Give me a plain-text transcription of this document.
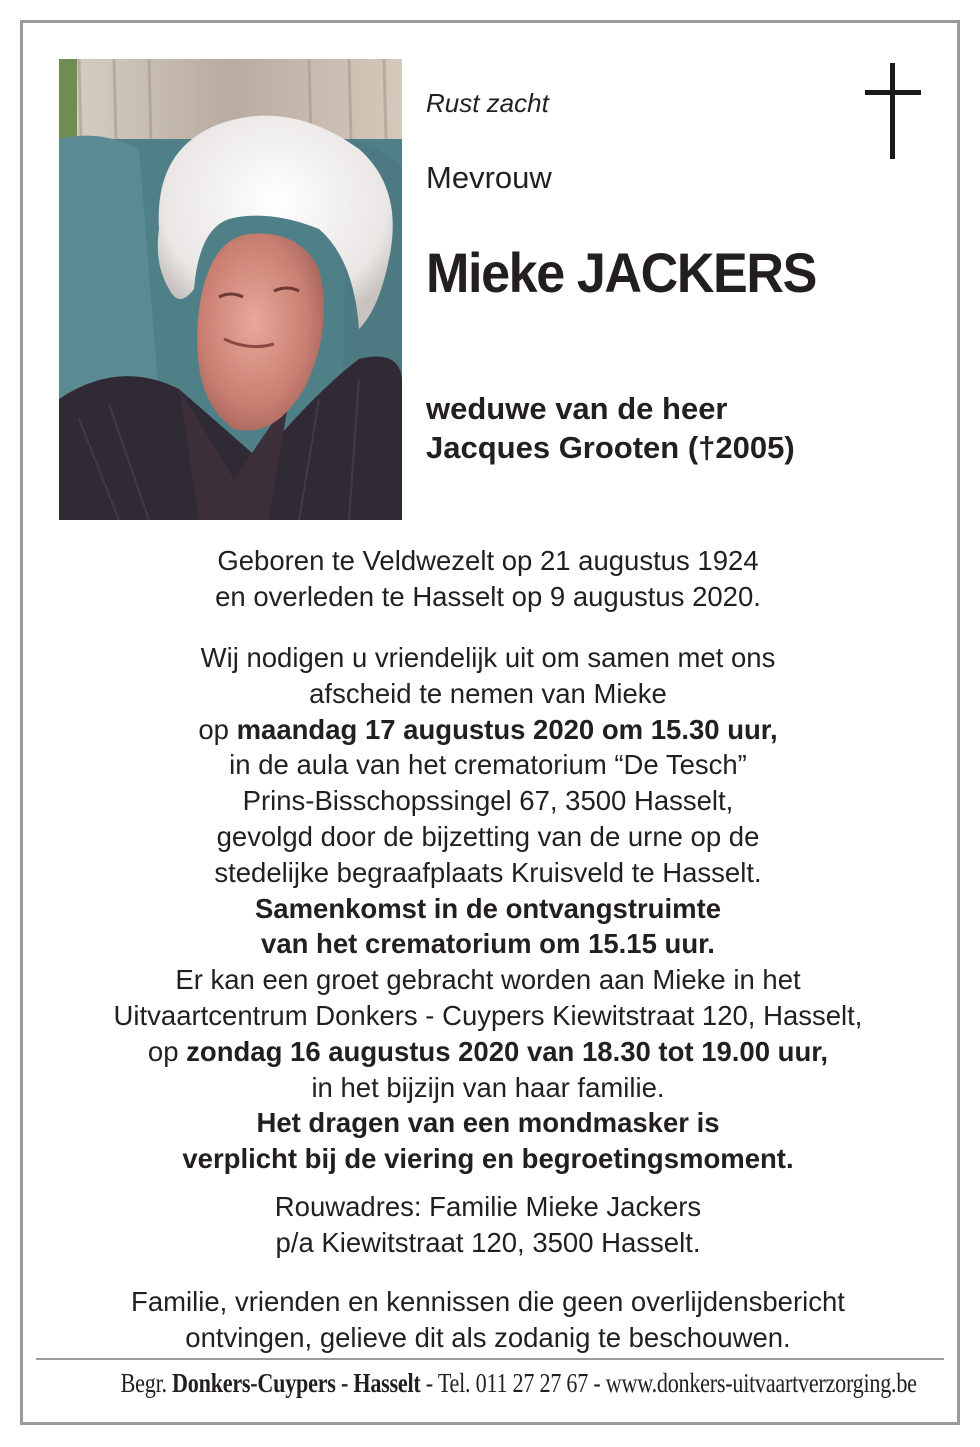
Rust zacht
Mevrouw
Mieke JACKERS
weduwe van de heer
Jacques Grooten (†2005)
Geboren te Veldwezelt op 21 augustus 1924
en overleden te Hasselt op 9 augustus 2020.
Wij nodigen u vriendelijk uit om samen met ons
afscheid te nemen van Mieke
op maandag 17 augustus 2020 om 15.30 uur,
in de aula van het crematorium “De Tesch”
Prins-Bisschopssingel 67, 3500 Hasselt,
gevolgd door de bijzetting van de urne op de
stedelijke begraafplaats Kruisveld te Hasselt.
Samenkomst in de ontvangstruimte
van het crematorium om 15.15 uur.
Er kan een groet gebracht worden aan Mieke in het
Uitvaartcentrum Donkers - Cuypers Kiewitstraat 120, Hasselt,
op zondag 16 augustus 2020 van 18.30 tot 19.00 uur,
in het bijzijn van haar familie.
Het dragen van een mondmasker is
verplicht bij de viering en begroetingsmoment.
Rouwadres: Familie Mieke Jackers
p/a Kiewitstraat 120, 3500 Hasselt.
Familie, vrienden en kennissen die geen overlijdensbericht
ontvingen, gelieve dit als zodanig te beschouwen.
Begr. Donkers-Cuypers - Hasselt - Tel. 011 27 27 67 - www.donkers-uitvaartverzorging.be
